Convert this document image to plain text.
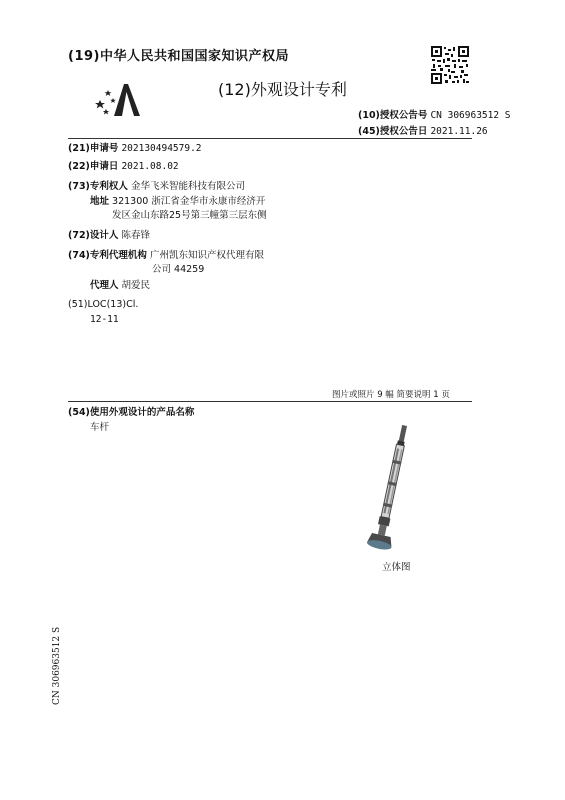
(19)中华人民共和国国家知识产权局
(12)外观设计专利
(10)授权公告号 CN 306963512 S
(45)授权公告日 2021.11.26
(21)申请号 202130494579.2
(22)申请日 2021.08.02
(73)专利权人 金华飞米智能科技有限公司
地址 321300 浙江省金华市永康市经济开
发区金山东路25号第三幢第三层东侧
(72)设计人 陈春锋
(74)专利代理机构 广州凯东知识产权代理有限
公司 44259
代理人 胡爱民
(51)LOC(13)Cl.
12-11
图片或照片 9 幅 简要说明 1 页
(54)使用外观设计的产品名称
车杆
立体图
CN 306963512 S
